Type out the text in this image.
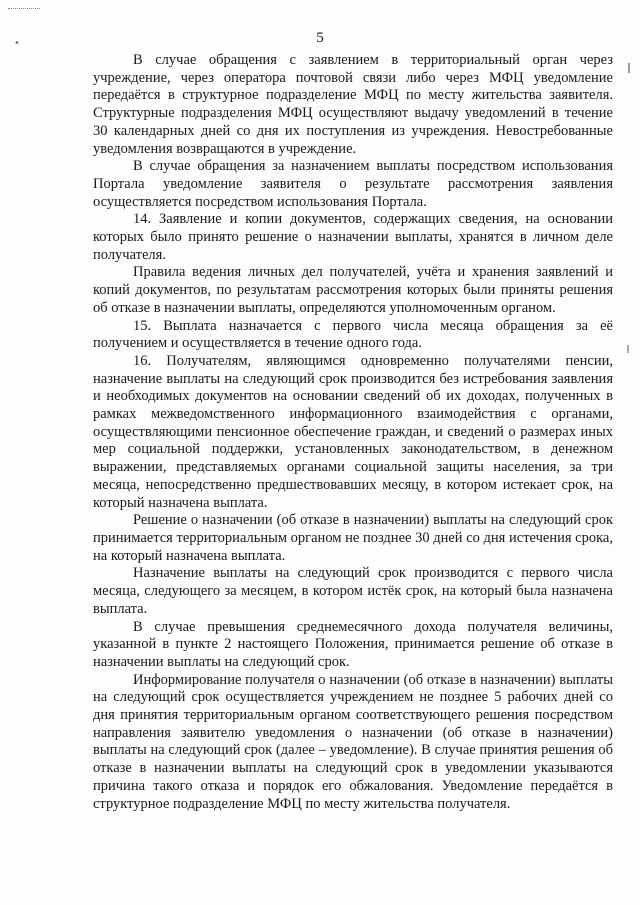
•	5

В случае обращения с заявлением в территориальный орган через учреждение, через оператора почтовой связи либо через МФЦ уведомление передаётся в структурное подразделение МФЦ по месту жительства заявителя. Структурные подразделения МФЦ осуществляют выдачу уведомлений в течение 30 календарных дней со дня их поступления из учреждения. Невостребованные уведомления возвращаются в учреждение.

В случае обращения за назначением выплаты посредством использования Портала уведомление заявителя о результате рассмотрения заявления осуществляется посредством использования Портала.

14. Заявление и копии документов, содержащих сведения, на основании которых было принято решение о назначении выплаты, хранятся в личном деле получателя.

Правила ведения личных дел получателей, учёта и хранения заявлений и копий документов, по результатам рассмотрения которых были приняты решения об отказе в назначении выплаты, определяются уполномоченным органом.

15. Выплата назначается с первого числа месяца обращения за её получением и осуществляется в течение одного года.

16. Получателям, являющимся одновременно получателями пенсии, назначение выплаты на следующий срок производится без истребования заявления и необходимых документов на основании сведений об их доходах, полученных в рамках межведомственного информационного взаимодействия с органами, осуществляющими пенсионное обеспечение граждан, и сведений о размерах иных мер социальной поддержки, установленных законодательством, в денежном выражении, представляемых органами социальной защиты населения, за три месяца, непосредственно предшествовавших месяцу, в котором истекает срок, на который назначена выплата.

Решение о назначении (об отказе в назначении) выплаты на следующий срок принимается территориальным органом не позднее 30 дней со дня истечения срока, на который назначена выплата.

Назначение выплаты на следующий срок производится с первого числа месяца, следующего за месяцем, в котором истёк срок, на который была назначена выплата.

В случае превышения среднемесячного дохода получателя величины, указанной в пункте 2 настоящего Положения, принимается решение об отказе в назначении выплаты на следующий срок.

Информирование получателя о назначении (об отказе в назначении) выплаты на следующий срок осуществляется учреждением не позднее 5 рабочих дней со дня принятия территориальным органом соответствующего решения посредством направления заявителю уведомления о назначении (об отказе в назначении) выплаты на следующий срок (далее – уведомление). В случае принятия решения об отказе в назначении выплаты на следующий срок в уведомлении указываются причина такого отказа и порядок его обжалования. Уведомление передаётся в структурное подразделение МФЦ по месту жительства получателя.
